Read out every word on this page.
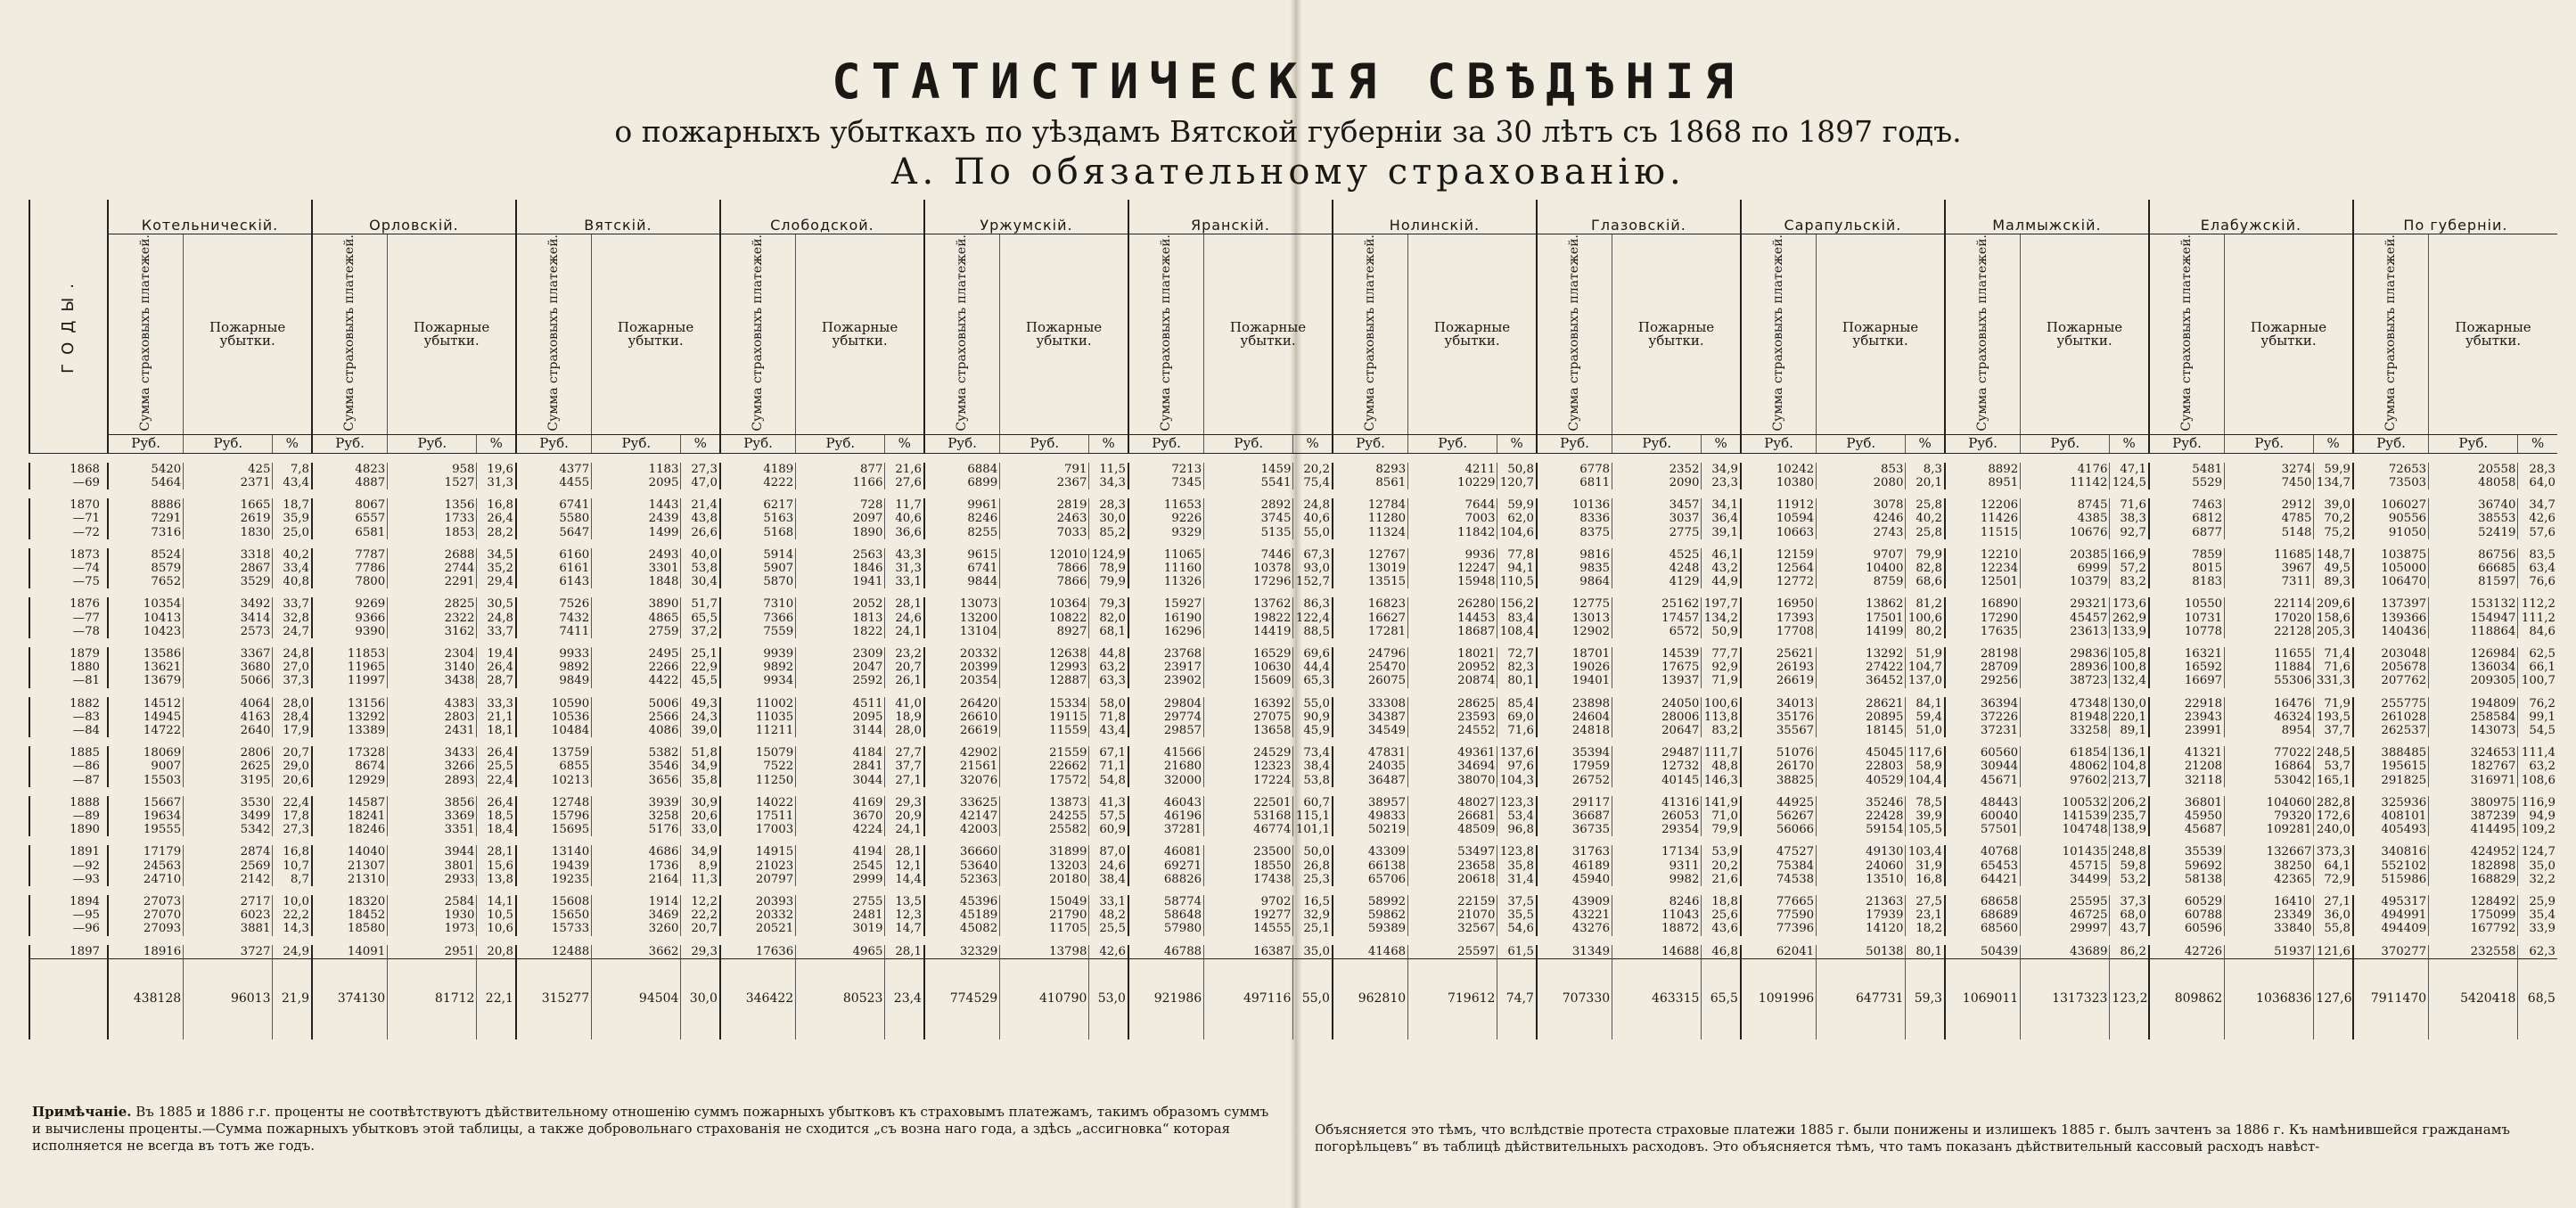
СТАТИСТИЧЕСКІЯ СВѢДѢНІЯ
о пожарныхъ убыткахъ по уѣздамъ Вятской губерніи за 30 лѣтъ съ 1868 по 1897 годъ.
А. По обязательному страхованію.
ГОДЫ.	Котельническій.			Орловскій.			Вятскій.			Слободской.			Уржумскій.			Яранскій.			Нолинскій.			Глазовскій.			Сарапульскій.			Малмыжскій.			Елабужскій.			По губерніи.		
	Сумма страховыхъ платежей.	Пожарные убытки.		Сумма страховыхъ платежей.	Пожарные убытки.		Сумма страховыхъ платежей.	Пожарные убытки.		Сумма страховыхъ платежей.	Пожарные убытки.		Сумма страховыхъ платежей.	Пожарные убытки.		Сумма страховыхъ платежей.	Пожарные убытки.		Сумма страховыхъ платежей.	Пожарные убытки.		Сумма страховыхъ платежей.	Пожарные убытки.		Сумма страховыхъ платежей.	Пожарные убытки.		Сумма страховыхъ платежей.	Пожарные убытки.		Сумма страховыхъ платежей.	Пожарные убытки.		Сумма страховыхъ платежей.	Пожарные убытки.	
	Руб.	Руб.	%	Руб.	Руб.	%	Руб.	Руб.	%	Руб.	Руб.	%	Руб.	Руб.	%	Руб.	Руб.	%	Руб.	Руб.	%	Руб.	Руб.	%	Руб.	Руб.	%	Руб.	Руб.	%	Руб.	Руб.	%	Руб.	Руб.	%

1868	5420	425	7,8	4823	958	19,6	4377	1183	27,3	4189	877	21,6	6884	791	11,5	7213	1459	20,2	8293	4211	50,8	6778	2352	34,9	10242	853	8,3	8892	4176	47,1	5481	3274	59,9	72653	20558	28,3
—69	5464	2371	43,4	4887	1527	31,3	4455	2095	47,0	4222	1166	27,6	6899	2367	34,3	7345	5541	75,4	8561	10229	120,7	6811	2090	23,3	10380	2080	20,1	8951	11142	124,5	5529	7450	134,7	73503	48058	64,0

1870	8886	1665	18,7	8067	1356	16,8	6741	1443	21,4	6217	728	11,7	9961	2819	28,3	11653	2892	24,8	12784	7644	59,9	10136	3457	34,1	11912	3078	25,8	12206	8745	71,6	7463	2912	39,0	106027	36740	34,7
—71	7291	2619	35,9	6557	1733	26,4	5580	2439	43,8	5163	2097	40,6	8246	2463	30,0	9226	3745	40,6	11280	7003	62,0	8336	3037	36,4	10594	4246	40,2	11426	4385	38,3	6812	4785	70,2	90556	38553	42,6
—72	7316	1830	25,0	6581	1853	28,2	5647	1499	26,6	5168	1890	36,6	8255	7033	85,2	9329	5135	55,0	11324	11842	104,6	8375	2775	39,1	10663	2743	25,8	11515	10676	92,7	6877	5148	75,2	91050	52419	57,6

1873	8524	3318	40,2	7787	2688	34,5	6160	2493	40,0	5914	2563	43,3	9615	12010	124,9	11065	7446	67,3	12767	9936	77,8	9816	4525	46,1	12159	9707	79,9	12210	20385	166,9	7859	11685	148,7	103875	86756	83,5
—74	8579	2867	33,4	7786	2744	35,2	6161	3301	53,8	5907	1846	31,3	6741	7866	78,9	11160	10378	93,0	13019	12247	94,1	9835	4248	43,2	12564	10400	82,8	12234	6999	57,2	8015	3967	49,5	105000	66685	63,4
—75	7652	3529	40,8	7800	2291	29,4	6143	1848	30,4	5870	1941	33,1	9844	7866	79,9	11326	17296	152,7	13515	15948	110,5	9864	4129	44,9	12772	8759	68,6	12501	10379	83,2	8183	7311	89,3	106470	81597	76,6

1876	10354	3492	33,7	9269	2825	30,5	7526	3890	51,7	7310	2052	28,1	13073	10364	79,3	15927	13762	86,3	16823	26280	156,2	12775	25162	197,7	16950	13862	81,2	16890	29321	173,6	10550	22114	209,6	137397	153132	112,2
—77	10413	3414	32,8	9366	2322	24,8	7432	4865	65,5	7366	1813	24,6	13200	10822	82,0	16190	19822	122,4	16627	14453	83,4	13013	17457	134,2	17393	17501	100,6	17290	45457	262,9	10731	17020	158,6	139366	154947	111,2
—78	10423	2573	24,7	9390	3162	33,7	7411	2759	37,2	7559	1822	24,1	13104	8927	68,1	16296	14419	88,5	17281	18687	108,4	12902	6572	50,9	17708	14199	80,2	17635	23613	133,9	10778	22128	205,3	140436	118864	84,6

1879	13586	3367	24,8	11853	2304	19,4	9933	2495	25,1	9939	2309	23,2	20332	12638	44,8	23768	16529	69,6	24796	18021	72,7	18701	14539	77,7	25621	13292	51,9	28198	29836	105,8	16321	11655	71,4	203048	126984	62,5
1880	13621	3680	27,0	11965	3140	26,4	9892	2266	22,9	9892	2047	20,7	20399	12993	63,2	23917	10630	44,4	25470	20952	82,3	19026	17675	92,9	26193	27422	104,7	28709	28936	100,8	16592	11884	71,6	205678	136034	66,1
—81	13679	5066	37,3	11997	3438	28,7	9849	4422	45,5	9934	2592	26,1	20354	12887	63,3	23902	15609	65,3	26075	20874	80,1	19401	13937	71,9	26619	36452	137,0	29256	38723	132,4	16697	55306	331,3	207762	209305	100,7

1882	14512	4064	28,0	13156	4383	33,3	10590	5006	49,3	11002	4511	41,0	26420	15334	58,0	29804	16392	55,0	33308	28625	85,4	23898	24050	100,6	34013	28621	84,1	36394	47348	130,0	22918	16476	71,9	255775	194809	76,2
—83	14945	4163	28,4	13292	2803	21,1	10536	2566	24,3	11035	2095	18,9	26610	19115	71,8	29774	27075	90,9	34387	23593	69,0	24604	28006	113,8	35176	20895	59,4	37226	81948	220,1	23943	46324	193,5	261028	258584	99,1
—84	14722	2640	17,9	13389	2431	18,1	10484	4086	39,0	11211	3144	28,0	26619	11559	43,4	29857	13658	45,9	34549	24552	71,6	24818	20647	83,2	35567	18145	51,0	37231	33258	89,1	23991	8954	37,7	262537	143073	54,5

1885	18069	2806	20,7	17328	3433	26,4	13759	5382	51,8	15079	4184	27,7	42902	21559	67,1	41566	24529	73,4	47831	49361	137,6	35394	29487	111,7	51076	45045	117,6	60560	61854	136,1	41321	77022	248,5	388485	324653	111,4
—86	9007	2625	29,0	8674	3266	25,5	6855	3546	34,9	7522	2841	37,7	21561	22662	71,1	21680	12323	38,4	24035	34694	97,6	17959	12732	48,8	26170	22803	58,9	30944	48062	104,8	21208	16864	53,7	195615	182767	63,2
—87	15503	3195	20,6	12929	2893	22,4	10213	3656	35,8	11250	3044	27,1	32076	17572	54,8	32000	17224	53,8	36487	38070	104,3	26752	40145	146,3	38825	40529	104,4	45671	97602	213,7	32118	53042	165,1	291825	316971	108,6

1888	15667	3530	22,4	14587	3856	26,4	12748	3939	30,9	14022	4169	29,3	33625	13873	41,3	46043	22501	60,7	38957	48027	123,3	29117	41316	141,9	44925	35246	78,5	48443	100532	206,2	36801	104060	282,8	325936	380975	116,9
—89	19634	3499	17,8	18241	3369	18,5	15796	3258	20,6	17511	3670	20,9	42147	24255	57,5	46196	53168	115,1	49833	26681	53,4	36687	26053	71,0	56267	22428	39,9	60040	141539	235,7	45950	79320	172,6	408101	387239	94,9
1890	19555	5342	27,3	18246	3351	18,4	15695	5176	33,0	17003	4224	24,1	42003	25582	60,9	37281	46774	101,1	50219	48509	96,8	36735	29354	79,9	56066	59154	105,5	57501	104748	138,9	45687	109281	240,0	405493	414495	109,2

1891	17179	2874	16,8	14040	3944	28,1	13140	4686	34,9	14915	4194	28,1	36660	31899	87,0	46081	23500	50,0	43309	53497	123,8	31763	17134	53,9	47527	49130	103,4	40768	101435	248,8	35539	132667	373,3	340816	424952	124,7
—92	24563	2569	10,7	21307	3801	15,6	19439	1736	8,9	21023	2545	12,1	53640	13203	24,6	69271	18550	26,8	66138	23658	35,8	46189	9311	20,2	75384	24060	31,9	65453	45715	59,8	59692	38250	64,1	552102	182898	35,0
—93	24710	2142	8,7	21310	2933	13,8	19235	2164	11,3	20797	2999	14,4	52363	20180	38,4	68826	17438	25,3	65706	20618	31,4	45940	9982	21,6	74538	13510	16,8	64421	34499	53,2	58138	42365	72,9	515986	168829	32,2

1894	27073	2717	10,0	18320	2584	14,1	15608	1914	12,2	20393	2755	13,5	45396	15049	33,1	58774	9702	16,5	58992	22159	37,5	43909	8246	18,8	77665	21363	27,5	68658	25595	37,3	60529	16410	27,1	495317	128492	25,9
—95	27070	6023	22,2	18452	1930	10,5	15650	3469	22,2	20332	2481	12,3	45189	21790	48,2	58648	19277	32,9	59862	21070	35,5	43221	11043	25,6	77590	17939	23,1	68689	46725	68,0	60788	23349	36,0	494991	175099	35,4
—96	27093	3881	14,3	18580	1973	10,6	15733	3260	20,7	20521	3019	14,7	45082	11705	25,5	57980	14555	25,1	59389	32567	54,6	43276	18872	43,6	77396	14120	18,2	68560	29997	43,7	60596	33840	55,8	494409	167792	33,9

1897	18916	3727	24,9	14091	2951	20,8	12488	3662	29,3	17636	4965	28,1	32329	13798	42,6	46788	16387	35,0	41468	25597	61,5	31349	14688	46,8	62041	50138	80,1	50439	43689	86,2	42726	51937	121,6	370277	232558	62,3
	438128	96013	21,9	374130	81712	22,1	315277	94504	30,0	346422	80523	23,4	774529	410790	53,0	921986	497116	55,0	962810	719612	74,7	707330	463315	65,5	1091996	647731	59,3	1069011	1317323	123,2	809862	1036836	127,6	7911470	5420418	68,5
Примѣчаніе. Въ 1885 и 1886 г.г. проценты не соотвѣтствуютъ дѣйствительному отношенію суммъ пожарныхъ убытковъ къ страховымъ платежамъ, такимъ образомъ суммъ и вычислены проценты.—Сумма пожарныхъ убытковъ этой таблицы, а также добровольнаго страхованія не сходится „съ возна наго года, а здѣсь „ассигновка“ которая исполняется не всегда въ тотъ же годъ.
Объясняется это тѣмъ, что вслѣдствіе протеста страховые платежи 1885 г. были понижены и излишекъ 1885 г. былъ зачтенъ за 1886 г. Къ намѣнившейся гражданамъ погорѣльцевъ“ въ таблицѣ дѣйствительныхъ расходовъ. Это объясняется тѣмъ, что тамъ показанъ дѣйствительный кассовый расходъ навѣст-
